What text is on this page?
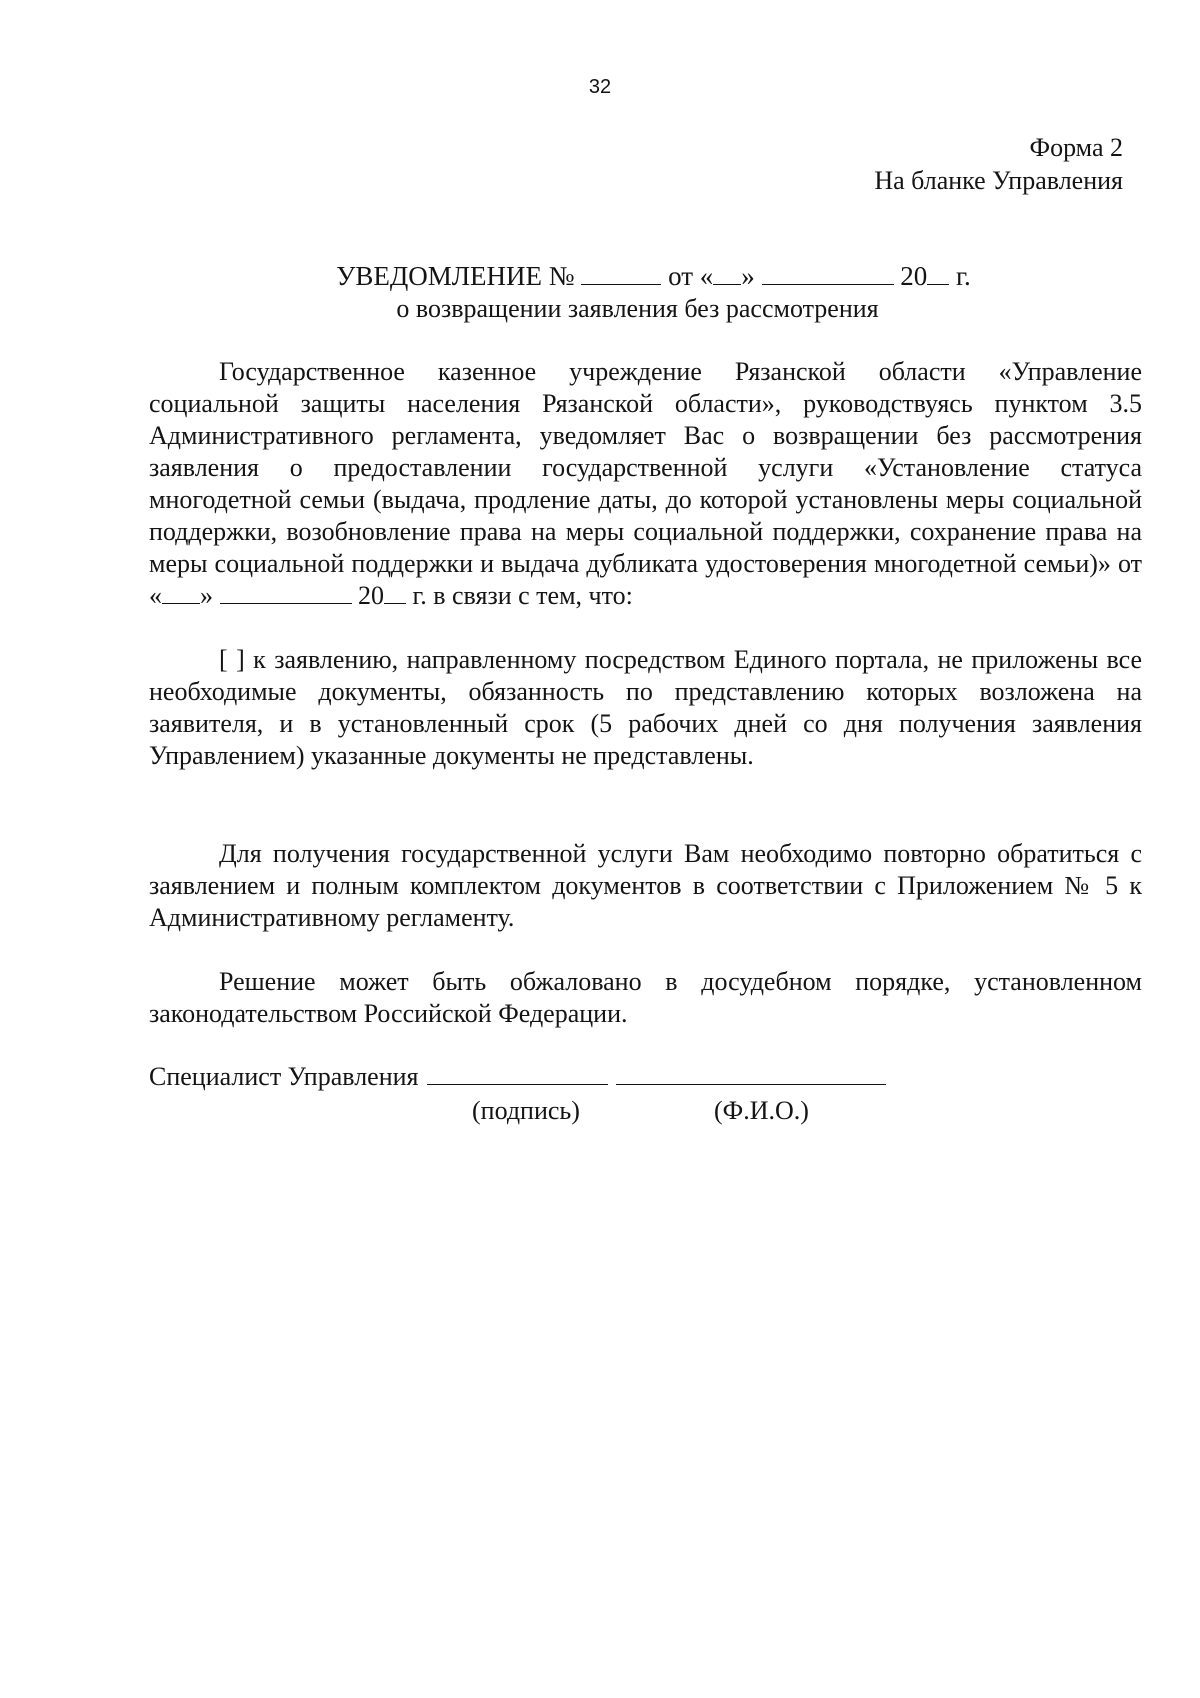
32
Форма 2
На бланке Управления
УВЕДОМЛЕНИЕ №	от « »	20 г.
о возвращении заявления без рассмотрения

Государственное казенное учреждение Рязанской области «Управление социальной защиты населения Рязанской области», руководствуясь пунктом 3.5 Административного регламента, уведомляет Вас о возвращении без рассмотрения заявления о предоставлении государственной услуги «Установление статуса многодетной семьи (выдача, продление даты, до которой установлены меры социальной поддержки, возобновление права на меры социальной поддержки, сохранение права на меры социальной поддержки и выдача дубликата удостоверения многодетной семьи)» от « »	20 г. в связи с тем, что:

[ ] к заявлению, направленному посредством Единого портала, не приложены все необходимые документы, обязанность по представлению которых возложена на заявителя, и в установленный срок (5 рабочих дней со дня получения заявления Управлением) указанные документы не представлены.

Для получения государственной услуги Вам необходимо повторно обратиться с заявлением и полным комплектом документов в соответствии с Приложением № 5 к Административному регламенту.

Решение может быть обжаловано в досудебном порядке, установленном законодательством Российской Федерации.

Специалист Управления
(подпись)	(Ф.И.О.)
